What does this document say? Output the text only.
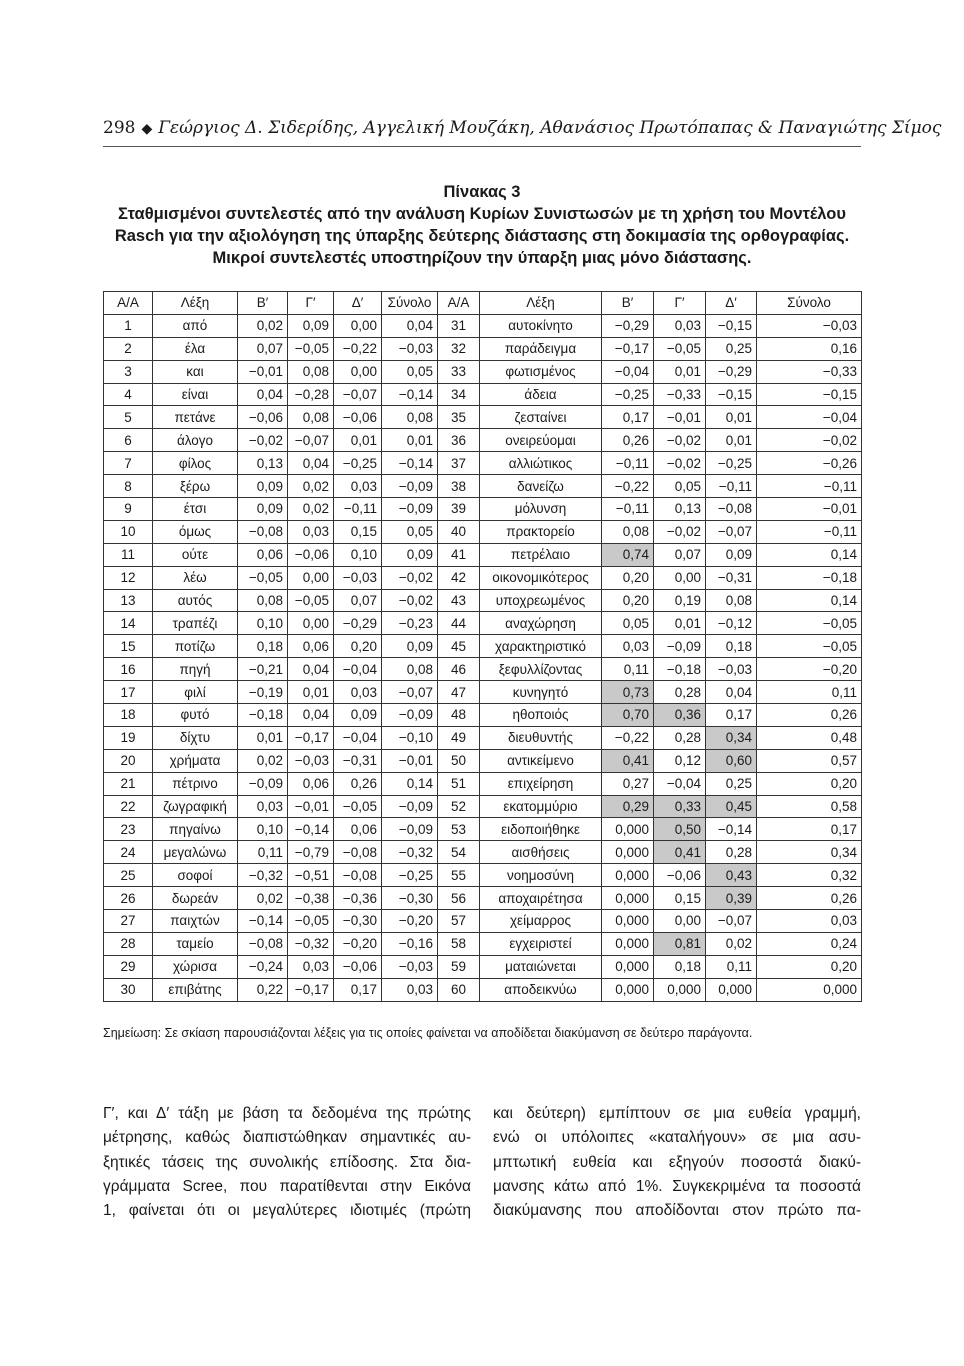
298 ◆ Γεώργιος Δ. Σιδερίδης, Αγγελική Μουζάκη, Αθανάσιος Πρωτόπαπας & Παναγιώτης Σίμος
Πίνακας 3
Σταθμισμένοι συντελεστές από την ανάλυση Κυρίων Συνιστωσών με τη χρήση του Μοντέλου
Rasch για την αξιολόγηση της ύπαρξης δεύτερης διάστασης στη δοκιμασία της ορθογραφίας.
Μικροί συντελεστές υποστηρίζουν την ύπαρξη μιας μόνο διάστασης.
Α/Α	Λέξη	Β′	Γ′	Δ′	Σύνολο	Α/Α	Λέξη	Β′	Γ′	Δ′	Σύνολο
1	από	0,02	0,09	0,00	0,04	31	αυτοκίνητο	−0,29	0,03	−0,15	−0,03
2	έλα	0,07	−0,05	−0,22	−0,03	32	παράδειγμα	−0,17	−0,05	0,25	0,16
3	και	−0,01	0,08	0,00	0,05	33	φωτισμένος	−0,04	0,01	−0,29	−0,33
4	είναι	0,04	−0,28	−0,07	−0,14	34	άδεια	−0,25	−0,33	−0,15	−0,15
5	πετάνε	−0,06	0,08	−0,06	0,08	35	ζεσταίνει	0,17	−0,01	0,01	−0,04
6	άλογο	−0,02	−0,07	0,01	0,01	36	ονειρεύομαι	0,26	−0,02	0,01	−0,02
7	φίλος	0,13	0,04	−0,25	−0,14	37	αλλιώτικος	−0,11	−0,02	−0,25	−0,26
8	ξέρω	0,09	0,02	0,03	−0,09	38	δανείζω	−0,22	0,05	−0,11	−0,11
9	έτσι	0,09	0,02	−0,11	−0,09	39	μόλυνση	−0,11	0,13	−0,08	−0,01
10	όμως	−0,08	0,03	0,15	0,05	40	πρακτορείο	0,08	−0,02	−0,07	−0,11
11	ούτε	0,06	−0,06	0,10	0,09	41	πετρέλαιο	0,74	0,07	0,09	0,14
12	λέω	−0,05	0,00	−0,03	−0,02	42	οικονομικότερος	0,20	0,00	−0,31	−0,18
13	αυτός	0,08	−0,05	0,07	−0,02	43	υποχρεωμένος	0,20	0,19	0,08	0,14
14	τραπέζι	0,10	0,00	−0,29	−0,23	44	αναχώρηση	0,05	0,01	−0,12	−0,05
15	ποτίζω	0,18	0,06	0,20	0,09	45	χαρακτηριστικό	0,03	−0,09	0,18	−0,05
16	πηγή	−0,21	0,04	−0,04	0,08	46	ξεφυλλίζοντας	0,11	−0,18	−0,03	−0,20
17	φιλί	−0,19	0,01	0,03	−0,07	47	κυνηγητό	0,73	0,28	0,04	0,11
18	φυτό	−0,18	0,04	0,09	−0,09	48	ηθοποιός	0,70	0,36	0,17	0,26
19	δίχτυ	0,01	−0,17	−0,04	−0,10	49	διευθυντής	−0,22	0,28	0,34	0,48
20	χρήματα	0,02	−0,03	−0,31	−0,01	50	αντικείμενο	0,41	0,12	0,60	0,57
21	πέτρινο	−0,09	0,06	0,26	0,14	51	επιχείρηση	0,27	−0,04	0,25	0,20
22	ζωγραφική	0,03	−0,01	−0,05	−0,09	52	εκατομμύριο	0,29	0,33	0,45	0,58
23	πηγαίνω	0,10	−0,14	0,06	−0,09	53	ειδοποιήθηκε	0,000	0,50	−0,14	0,17
24	μεγαλώνω	0,11	−0,79	−0,08	−0,32	54	αισθήσεις	0,000	0,41	0,28	0,34
25	σοφοί	−0,32	−0,51	−0,08	−0,25	55	νοημοσύνη	0,000	−0,06	0,43	0,32
26	δωρεάν	0,02	−0,38	−0,36	−0,30	56	αποχαιρέτησα	0,000	0,15	0,39	0,26
27	παιχτών	−0,14	−0,05	−0,30	−0,20	57	χείμαρρος	0,000	0,00	−0,07	0,03
28	ταμείο	−0,08	−0,32	−0,20	−0,16	58	εγχειριστεί	0,000	0,81	0,02	0,24
29	χώρισα	−0,24	0,03	−0,06	−0,03	59	ματαιώνεται	0,000	0,18	0,11	0,20
30	επιβάτης	0,22	−0,17	0,17	0,03	60	αποδεικνύω	0,000	0,000	0,000	0,000
Σημείωση: Σε σκίαση παρουσιάζονται λέξεις για τις οποίες φαίνεται να αποδίδεται διακύμανση σε δεύτερο παράγοντα.
Γ′, και Δ′ τάξη με βάση τα δεδομένα της πρώτης
μέτρησης, καθώς διαπιστώθηκαν σημαντικές αυ-
ξητικές τάσεις της συνολικής επίδοσης. Στα δια-
γράμματα Scree, που παρατίθενται στην Εικόνα
1, φαίνεται ότι οι μεγαλύτερες ιδιοτιμές (πρώτη
και δεύτερη) εμπίπτουν σε μια ευθεία γραμμή,
ενώ οι υπόλοιπες «καταλήγουν» σε μια ασυ-
μπτωτική ευθεία και εξηγούν ποσοστά διακύ-
μανσης κάτω από 1%. Συγκεκριμένα τα ποσοστά
διακύμανσης που αποδίδονται στον πρώτο πα-
